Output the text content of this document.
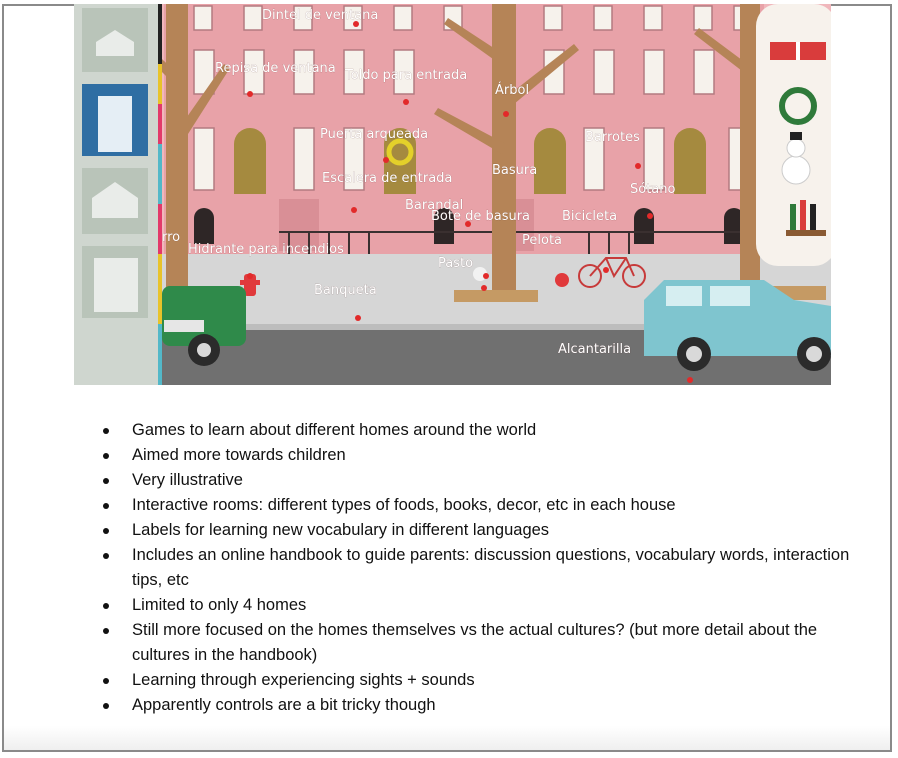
Dintel de ventana
Repisa de ventana Toldo para entrada
Árbol
Puerta arqueada	Barrotes
Escalera de entrada
Basura
Sótano
Barandal
Bote de basura Bicicleta
Pelota
rro
Hidrante para incendios
Pasto
Banqueta
Alcantarilla
Games to learn about different homes around the world
Aimed more towards children
Very illustrative
Interactive rooms: different types of foods, books, decor, etc in each house
Labels for learning new vocabulary in different languages
Includes an online handbook to guide parents: discussion questions, vocabulary words, interaction tips, etc
Limited to only 4 homes
Still more focused on the homes themselves vs the actual cultures? (but more detail about the cultures in the handbook)
Learning through experiencing sights + sounds
Apparently controls are a bit tricky though
